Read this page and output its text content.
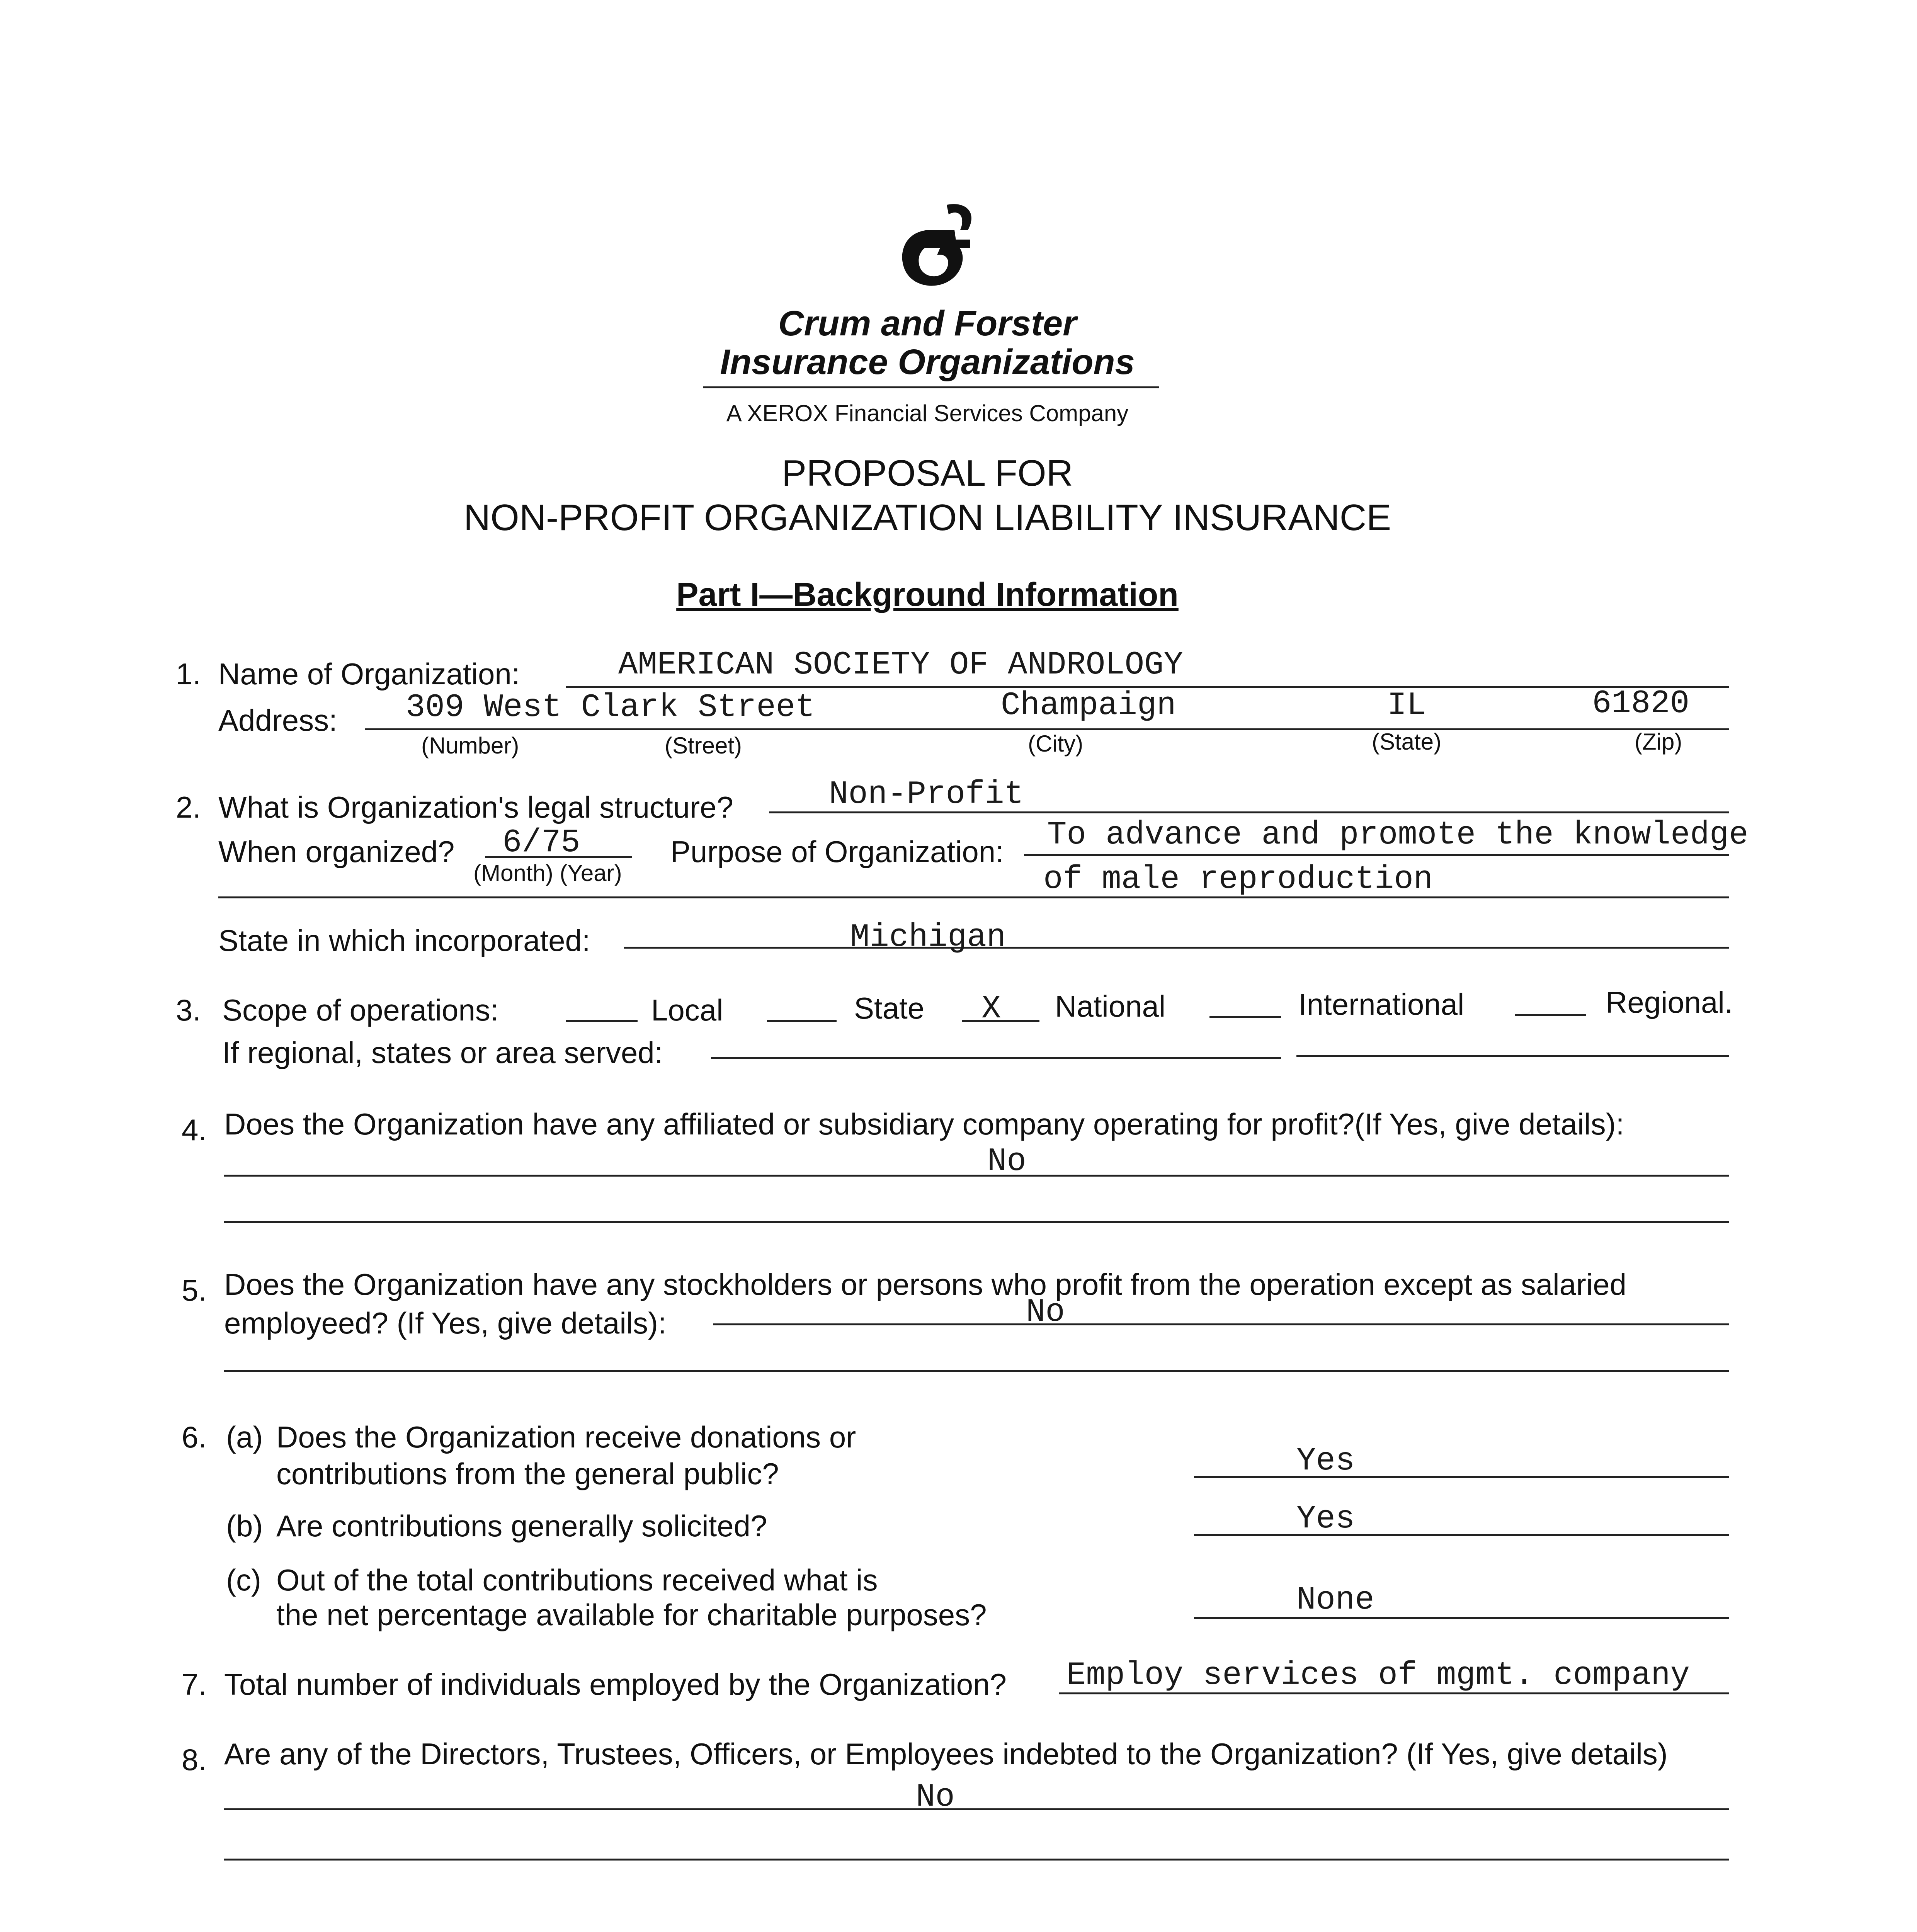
Crum and Forster
Insurance Organizations
A XEROX Financial Services Company
PROPOSAL FOR
NON-PROFIT ORGANIZATION LIABILITY INSURANCE
Part I—Background Information
1. Name of Organization:	AMERICAN SOCIETY OF ANDROLOGY
Address: 309 West Clark Street	Champaign	IL	61820
(Number)	(Street)	(City)	(State)	(Zip)
2. What is Organization's legal structure?	Non-Profit
When organized? 6/75
(Month) (Year)
Purpose of Organization: To advance and promote the knowledge
of male reproduction
State in which incorporated:	Michigan
3. Scope of operations:	Local	State X National	International	Regional.
If regional, states or area served:
4. Does the Organization have any affiliated or subsidiary company operating for profit?(If Yes, give details):
No
5. Does the Organization have any stockholders or persons who profit from the operation except as salaried
employeed? (If Yes, give details):	No
6. (a) Does the Organization receive donations or
contributions from the general public?	Yes
(b) Are contributions generally solicited?	Yes
(c) Out of the total contributions received what is
the net percentage available for charitable purposes?	None
7. Total number of individuals employed by the Organization? Employ services of mgmt. company
8. Are any of the Directors, Trustees, Officers, or Employees indebted to the Organization? (If Yes, give details)
No
